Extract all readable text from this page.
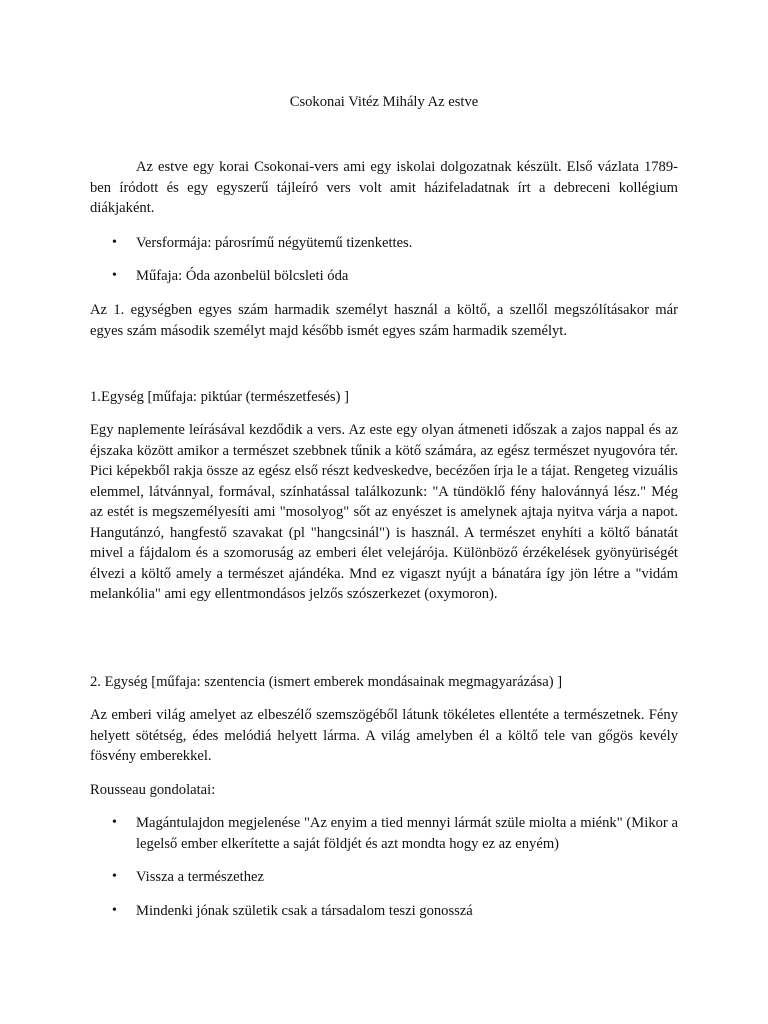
Csokonai Vitéz Mihály Az estve

Az estve egy korai Csokonai-vers ami egy iskolai dolgozatnak készült. Első vázlata 1789-ben íródott és egy egyszerű tájleíró vers volt amit házifeladatnak írt a debreceni kollégium diákjaként.

• Versformája: párosrímű négyütemű tizenkettes.
• Műfaja: Óda azonbelül bölcsleti óda

Az 1. egységben egyes szám harmadik személyt használ a költő, a szellől megszólításakor már egyes szám második személyt majd később ismét egyes szám harmadik személyt.

1.Egység [műfaja: piktúar (természetfesés) ]

Egy naplemente leírásával kezdődik a vers. Az este egy olyan átmeneti időszak a zajos nappal és az éjszaka között amikor a természet szebbnek tűnik a kötő számára, az egész természet nyugovóra tér. Pici képekből rakja össze az egész első részt kedveskedve, becézően írja le a tájat. Rengeteg vizuális elemmel, látvánnyal, formával, színhatással találkozunk: "A tündöklő fény halovánnyá lész." Még az estét is megszemélyesíti ami "mosolyog" sőt az enyészet is amelynek ajtaja nyitva várja a napot. Hangutánzó, hangfestő szavakat (pl "hangcsinál") is használ. A természet enyhíti a költő bánatát mivel a fájdalom és a szomoruság az emberi élet velejárója. Különböző érzékelések gyönyüriségét élvezi a költő amely a természet ajándéka. Mnd ez vigaszt nyújt a bánatára így jön létre a "vidám melankólia" ami egy ellentmondásos jelzős szószerkezet (oxymoron).

2. Egység [műfaja: szentencia (ismert emberek mondásainak megmagyarázása) ]

Az emberi világ amelyet az elbeszélő szemszögéből látunk tökéletes ellentéte a természetnek. Fény helyett sötétség, édes melódiá helyett lárma. A világ amelyben él a költő tele van gőgös kevély fösvény emberekkel.

Rousseau gondolatai:

• Magántulajdon megjelenése "Az enyim a tied mennyi lármát szüle miolta a miénk" (Mikor a legelső ember elkerítette a saját földjét és azt mondta hogy ez az enyém)
• Vissza a természethez
• Mindenki jónak születik csak a társadalom teszi gonosszá
